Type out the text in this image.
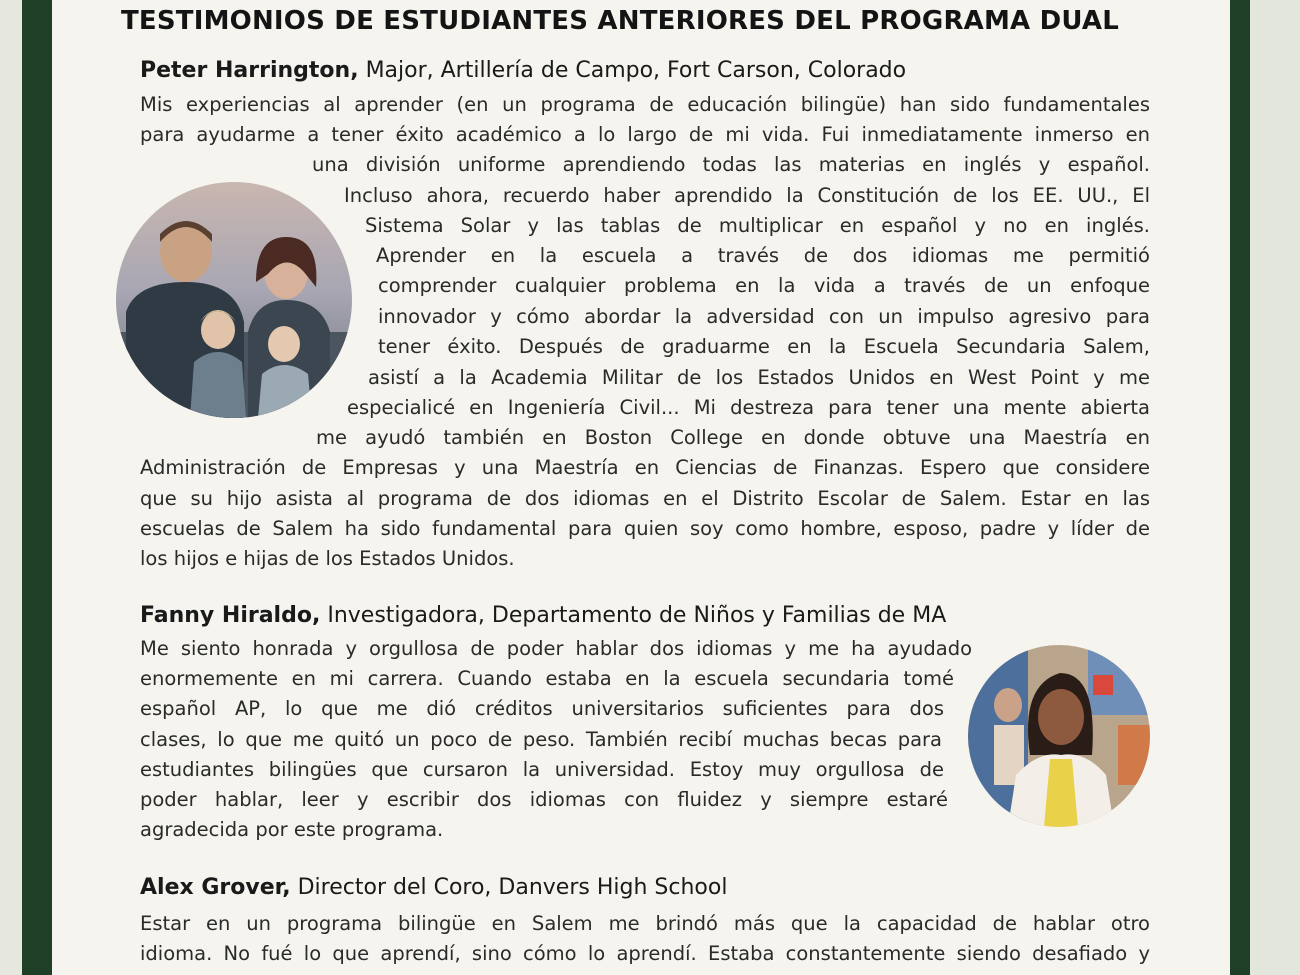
TESTIMONIOS DE ESTUDIANTES ANTERIORES DEL PROGRAMA DUAL
Peter Harrington, Major, Artillería de Campo, Fort Carson, Colorado
Mis experiencias al aprender (en un programa de educación bilingüe) han sido fundamentales
para ayudarme a tener éxito académico a lo largo de mi vida. Fui inmediatamente inmerso en
una división uniforme aprendiendo todas las materias en inglés y español.
Incluso ahora, recuerdo haber aprendido la Constitución de los EE. UU., El
Sistema Solar y las tablas de multiplicar en español y no en inglés.
Aprender en la escuela a través de dos idiomas me permitió
comprender cualquier problema en la vida a través de un enfoque
innovador y cómo abordar la adversidad con un impulso agresivo para
tener éxito. Después de graduarme en la Escuela Secundaria Salem,
asistí a la Academia Militar de los Estados Unidos en West Point y me
especialicé en Ingeniería Civil... Mi destreza para tener una mente abierta
me ayudó también en Boston College en donde obtuve una Maestría en
Administración de Empresas y una Maestría en Ciencias de Finanzas. Espero que considere
que su hijo asista al programa de dos idiomas en el Distrito Escolar de Salem. Estar en las
escuelas de Salem ha sido fundamental para quien soy como hombre, esposo, padre y líder de
los hijos e hijas de los Estados Unidos.
Fanny Hiraldo, Investigadora, Departamento de Niños y Familias de MA
Me siento honrada y orgullosa de poder hablar dos idiomas y me ha ayudado
enormemente en mi carrera. Cuando estaba en la escuela secundaria tomé
español AP, lo que me dió créditos universitarios suficientes para dos
clases, lo que me quitó un poco de peso. También recibí muchas becas para
estudiantes bilingües que cursaron la universidad. Estoy muy orgullosa de
poder hablar, leer y escribir dos idiomas con fluidez y siempre estaré
agradecida por este programa.
Alex Grover, Director del Coro, Danvers High School
Estar en un programa bilingüe en Salem me brindó más que la capacidad de hablar otro
idioma. No fué lo que aprendí, sino cómo lo aprendí. Estaba constantemente siendo desafiado y
